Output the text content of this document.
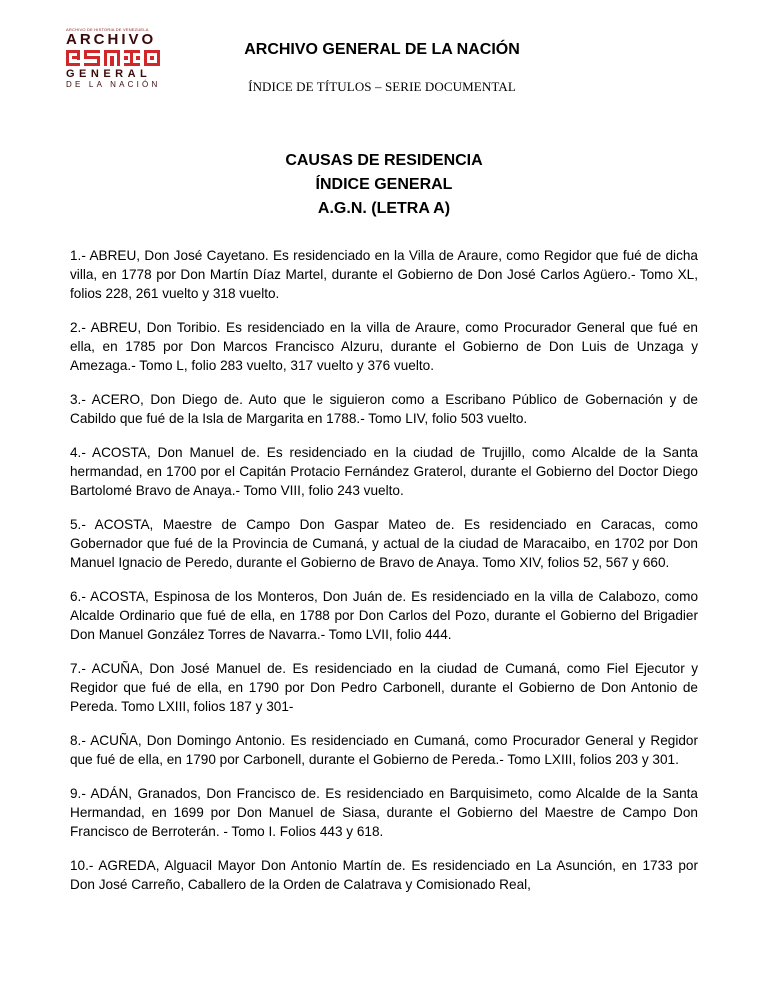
ARCHIVO DE HISTORIA DE VENEZUELA
ARCHIVO
GENERAL
DE LA NACIÓN
ARCHIVO GENERAL DE LA NACIÓN
ÍNDICE DE TÍTULOS – SERIE DOCUMENTAL
CAUSAS DE RESIDENCIA
ÍNDICE GENERAL
A.G.N. (LETRA A)

1.- ABREU, Don José Cayetano. Es residenciado en la Villa de Araure, como Regidor que fué de dicha villa, en 1778 por Don Martín Díaz Martel, durante el Gobierno de Don José Carlos Agüero.- Tomo XL, folios 228, 261 vuelto y 318 vuelto.

2.- ABREU, Don Toribio. Es residenciado en la villa de Araure, como Procurador General que fué en ella, en 1785 por Don Marcos Francisco Alzuru, durante el Gobierno de Don Luis de Unzaga y Amezaga.- Tomo L, folio 283 vuelto, 317 vuelto y 376 vuelto.

3.- ACERO, Don Diego de. Auto que le siguieron como a Escribano Público de Gobernación y de Cabildo que fué de la Isla de Margarita en 1788.- Tomo LIV, folio 503 vuelto.

4.- ACOSTA, Don Manuel de. Es residenciado en la ciudad de Trujillo, como Alcalde de la Santa hermandad, en 1700 por el Capitán Protacio Fernández Graterol, durante el Gobierno del Doctor Diego Bartolomé Bravo de Anaya.- Tomo VIII, folio 243 vuelto.

5.- ACOSTA, Maestre de Campo Don Gaspar Mateo de. Es residenciado en Caracas, como Gobernador que fué de la Provincia de Cumaná, y actual de la ciudad de Maracaibo, en 1702 por Don Manuel Ignacio de Peredo, durante el Gobierno de Bravo de Anaya. Tomo XIV, folios 52, 567 y 660.

6.- ACOSTA, Espinosa de los Monteros, Don Juán de. Es residenciado en la villa de Calabozo, como Alcalde Ordinario que fué de ella, en 1788 por Don Carlos del Pozo, durante el Gobierno del Brigadier Don Manuel González Torres de Navarra.- Tomo LVII, folio 444.

7.- ACUÑA, Don José Manuel de. Es residenciado en la ciudad de Cumaná, como Fiel Ejecutor y Regidor que fué de ella, en 1790 por Don Pedro Carbonell, durante el Gobierno de Don Antonio de Pereda. Tomo LXIII, folios 187 y 301-

8.- ACUÑA, Don Domingo Antonio. Es residenciado en Cumaná, como Procurador General y Regidor que fué de ella, en 1790 por Carbonell, durante el Gobierno de Pereda.- Tomo LXIII, folios 203 y 301.

9.- ADÁN, Granados, Don Francisco de. Es residenciado en Barquisimeto, como Alcalde de la Santa Hermandad, en 1699 por Don Manuel de Siasa, durante el Gobierno del Maestre de Campo Don Francisco de Berroterán. - Tomo I. Folios 443 y 618.

10.- AGREDA, Alguacil Mayor Don Antonio Martín de. Es residenciado en La Asunción, en 1733 por Don José Carreño, Caballero de la Orden de Calatrava y Comisionado Real,
